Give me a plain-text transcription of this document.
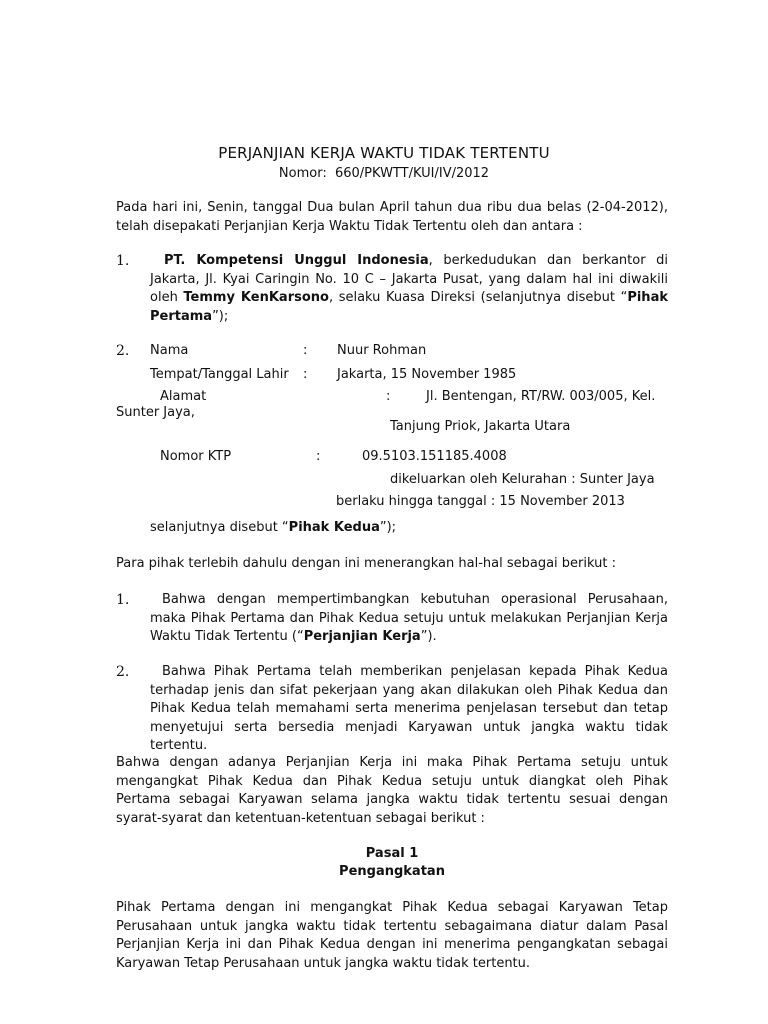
PERJANJIAN KERJA WAKTU TIDAK TERTENTU
Nomor: 660/PKWTT/KUI/IV/2012
Pada hari ini, Senin, tanggal Dua bulan April tahun dua ribu dua belas (2-04-2012), telah disepakati Perjanjian Kerja Waktu Tidak Tertentu oleh dan antara :
1.	PT. Kompetensi Unggul Indonesia, berkedudukan dan berkantor di Jakarta, Jl. Kyai Caringin No. 10 C – Jakarta Pusat, yang dalam hal ini diwakili oleh Temmy KenKarsono, selaku Kuasa Direksi (selanjutnya disebut “Pihak Pertama”);
2. Nama	: Nuur Rohman
Tempat/Tanggal Lahir : Jakarta, 15 November 1985
Alamat	:	Jl. Bentengan, RT/RW. 003/005, Kel.
Sunter Jaya,
Tanjung Priok, Jakarta Utara
Nomor KTP	:	09.5103.151185.4008
dikeluarkan oleh Kelurahan : Sunter Jaya
berlaku hingga tanggal : 15 November 2013
selanjutnya disebut “Pihak Kedua”);
Para pihak terlebih dahulu dengan ini menerangkan hal-hal sebagai berikut :
1.	Bahwa dengan mempertimbangkan kebutuhan operasional Perusahaan, maka Pihak Pertama dan Pihak Kedua setuju untuk melakukan Perjanjian Kerja Waktu Tidak Tertentu (“Perjanjian Kerja”).
2.	Bahwa Pihak Pertama telah memberikan penjelasan kepada Pihak Kedua terhadap jenis dan sifat pekerjaan yang akan dilakukan oleh Pihak Kedua dan Pihak Kedua telah memahami serta menerima penjelasan tersebut dan tetap menyetujui serta bersedia menjadi Karyawan untuk jangka waktu tidak tertentu.
Bahwa dengan adanya Perjanjian Kerja ini maka Pihak Pertama setuju untuk mengangkat Pihak Kedua dan Pihak Kedua setuju untuk diangkat oleh Pihak Pertama sebagai Karyawan selama jangka waktu tidak tertentu sesuai dengan syarat-syarat dan ketentuan-ketentuan sebagai berikut :
Pasal 1
Pengangkatan
Pihak Pertama dengan ini mengangkat Pihak Kedua sebagai Karyawan Tetap Perusahaan untuk jangka waktu tidak tertentu sebagaimana diatur dalam Pasal Perjanjian Kerja ini dan Pihak Kedua dengan ini menerima pengangkatan sebagai Karyawan Tetap Perusahaan untuk jangka waktu tidak tertentu.
